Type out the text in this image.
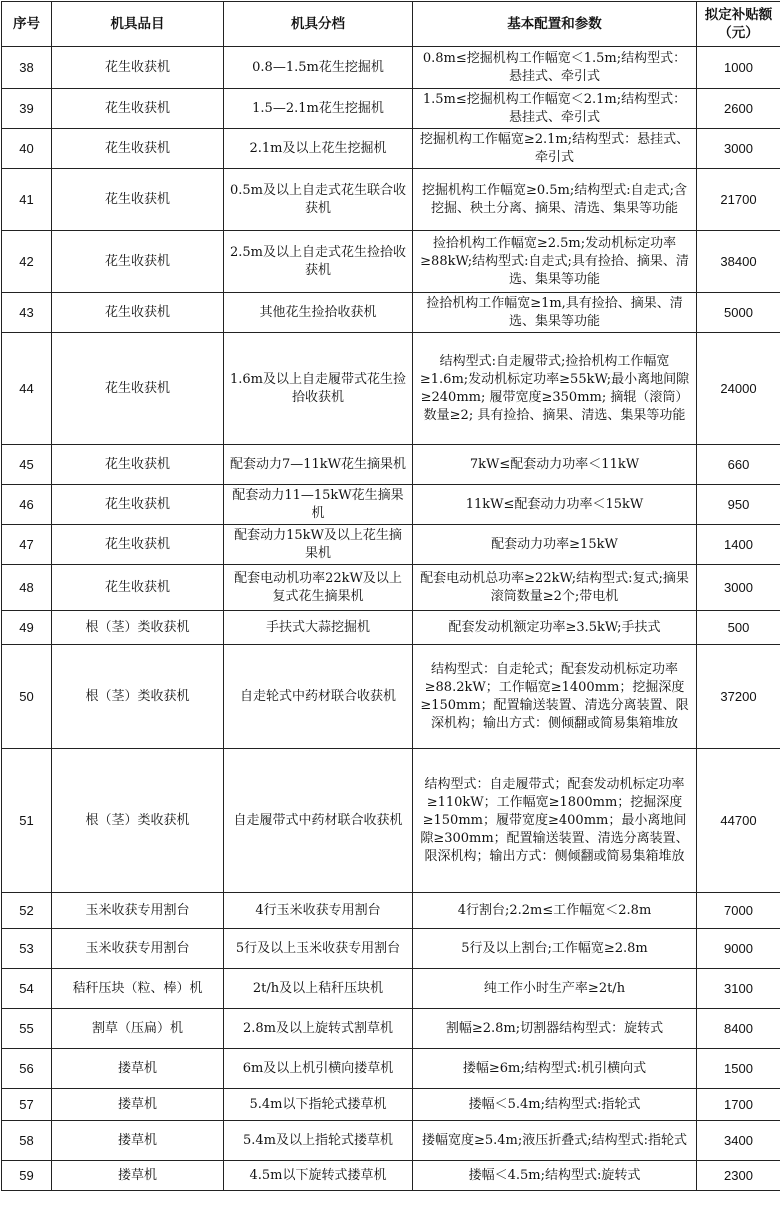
序号	机具品目	机具分档	基本配置和参数	拟定补贴额（元）
38	花生收获机	0.8—1.5m花生挖掘机	0.8m≤挖掘机构工作幅宽＜1.5m;结构型式：悬挂式、牵引式	1000
39	花生收获机	1.5—2.1m花生挖掘机	1.5m≤挖掘机构工作幅宽＜2.1m;结构型式：悬挂式、牵引式	2600
40	花生收获机	2.1m及以上花生挖掘机	挖掘机构工作幅宽≥2.1m;结构型式：悬挂式、牵引式	3000
41	花生收获机	0.5m及以上自走式花生联合收获机	挖掘机构工作幅宽≥0.5m;结构型式:自走式;含挖掘、秧土分离、摘果、清选、集果等功能	21700
42	花生收获机	2.5m及以上自走式花生捡拾收获机	捡拾机构工作幅宽≥2.5m;发动机标定功率≥88kW;结构型式:自走式;具有捡拾、摘果、清选、集果等功能	38400
43	花生收获机	其他花生捡拾收获机	捡拾机构工作幅宽≥1m,具有捡拾、摘果、清选、集果等功能	5000
44	花生收获机	1.6m及以上自走履带式花生捡拾收获机	结构型式:自走履带式;捡拾机构工作幅宽≥1.6m;发动机标定功率≥55kW;最小离地间隙≥240mm; 履带宽度≥350mm; 摘辊（滚筒）数量≥2; 具有捡拾、摘果、清选、集果等功能	24000
45	花生收获机	配套动力7—11kW花生摘果机	7kW≤配套动力功率＜11kW	660
46	花生收获机	配套动力11—15kW花生摘果机	11kW≤配套动力功率＜15kW	950
47	花生收获机	配套动力15kW及以上花生摘果机	配套动力功率≥15kW	1400
48	花生收获机	配套电动机功率22kW及以上复式花生摘果机	配套电动机总功率≥22kW;结构型式:复式;摘果滚筒数量≥2个;带电机	3000
49	根（茎）类收获机	手扶式大蒜挖掘机	配套发动机额定功率≥3.5kW;手扶式	500
50	根（茎）类收获机	自走轮式中药材联合收获机	结构型式：自走轮式；配套发动机标定功率≥88.2kW；工作幅宽≥1400mm；挖掘深度≥150mm；配置输送装置、清选分离装置、限深机构；输出方式：侧倾翻或简易集箱堆放	37200
51	根（茎）类收获机	自走履带式中药材联合收获机	结构型式：自走履带式；配套发动机标定功率≥110kW；工作幅宽≥1800mm；挖掘深度≥150mm；履带宽度≥400mm；最小离地间隙≥300mm；配置输送装置、清选分离装置、限深机构；输出方式：侧倾翻或简易集箱堆放	44700
52	玉米收获专用割台	4行玉米收获专用割台	4行割台;2.2m≤工作幅宽＜2.8m	7000
53	玉米收获专用割台	5行及以上玉米收获专用割台	5行及以上割台;工作幅宽≥2.8m	9000
54	秸秆压块（粒、棒）机	2t/h及以上秸秆压块机	纯工作小时生产率≥2t/h	3100
55	割草（压扁）机	2.8m及以上旋转式割草机	割幅≥2.8m;切割器结构型式：旋转式	8400
56	搂草机	6m及以上机引横向搂草机	搂幅≥6m;结构型式:机引横向式	1500
57	搂草机	5.4m以下指轮式搂草机	搂幅＜5.4m;结构型式:指轮式	1700
58	搂草机	5.4m及以上指轮式搂草机	搂幅宽度≥5.4m;液压折叠式;结构型式:指轮式	3400
59	搂草机	4.5m以下旋转式搂草机	搂幅＜4.5m;结构型式:旋转式	2300
